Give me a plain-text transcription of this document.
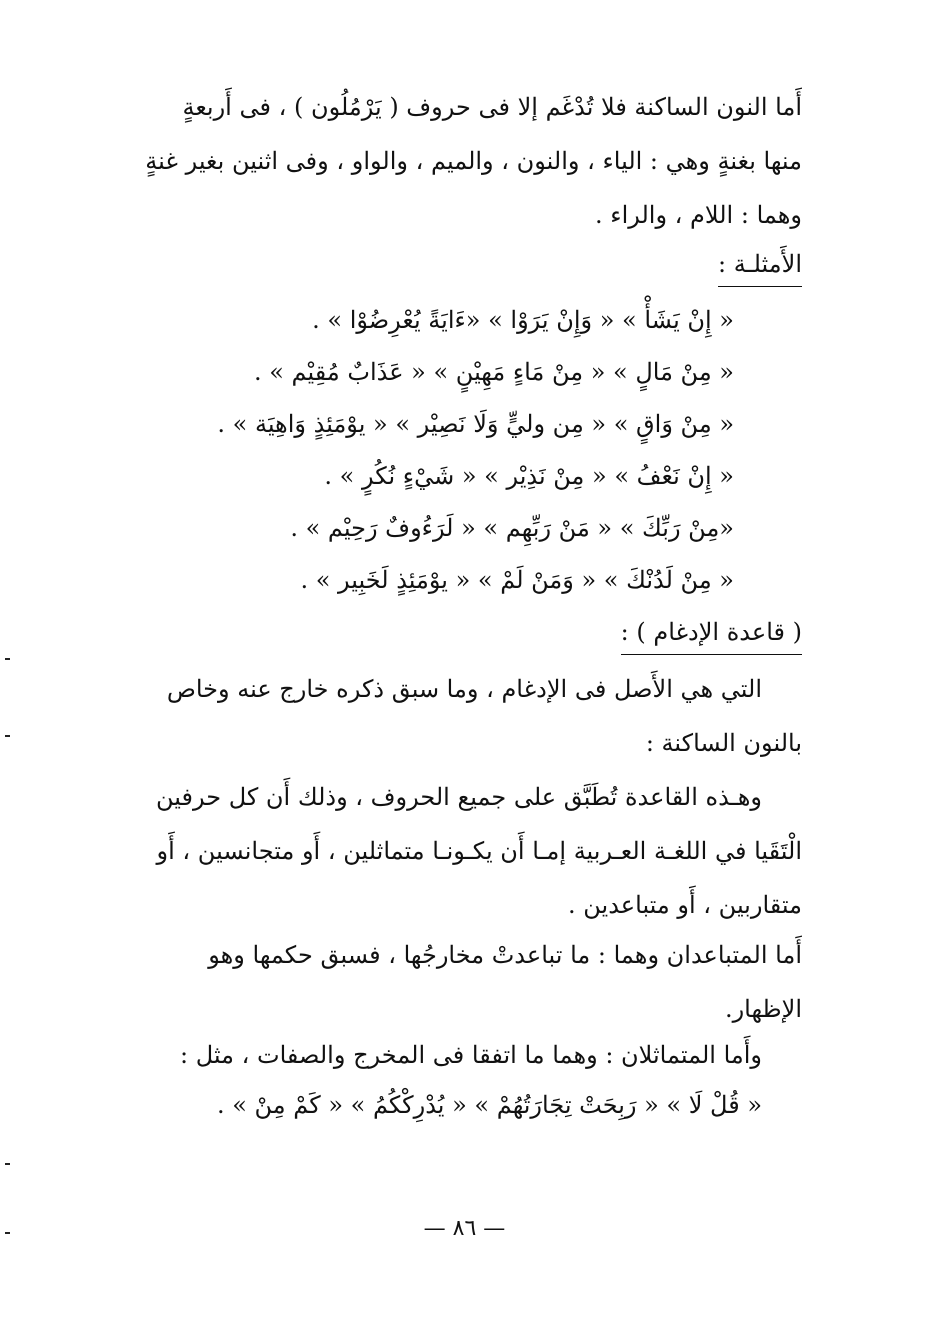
أَما النون الساكنة فلا تُدْغَم إلا فى حروف ( يَرْمُلُون ) ، فى أَربعةٍ
منها بغنةٍ وهي : الياء ، والنون ، والميم ، والواو ، وفى اثنين بغير غنةٍ
وهما : اللام ، والراء .
الأَمثلـة :
« إِنْ يَشَأْ » « وَإِنْ يَرَوْا » «ءَايَةً يُعْرِضُوْا » .
« مِنْ مَالٍ » « مِنْ مَاءٍ مَهِيْنٍ » « عَذَابٌ مُقِيْم » .
« مِنْ وَاقٍ » « مِن وليٍّ وَلَا نَصِيْر » « يوْمَئِذٍ وَاهِيَة » .
« إِنْ نَعْفُ » « مِنْ نَذِيْر » « شَيْءٍ نُكُرٍ » .
«مِنْ رَبِّكَ » « مَنْ رَبِّهِم » « لَرَءُوفٌ رَحِيْم » .
« مِنْ لَدُنْكَ » « وَمَنْ لَمْ » « يوْمَئِذٍ لَخَبِير » .
( قاعدة الإدغام ) :
التي هي الأَصل فى الإدغام ، وما سبق ذكره خارج عنه وخاص
بالنون الساكنة :
وهـذه القاعدة تُطَبَّق على جميع الحروف ، وذلك أَن كل حرفين
الْتَقَيا في اللغـة العـربية إمـا أَن يكـونـا متماثلين ، أَو متجانسين ، أَو
متقاربين ، أَو متباعدين .
أَما المتباعدان وهما : ما تباعدتْ مخارجُها ، فسبق حكمها وهو
الإظهار.
وأَما المتماثلان : وهما ما اتفقا فى المخرج والصفات ، مثل :
« قُلْ لَا » « رَبِحَتْ تِجَارَتُهُمْ » « يُدْرِكْكُمُ » « كَمْ مِنْ » .
— ٨٦ —
